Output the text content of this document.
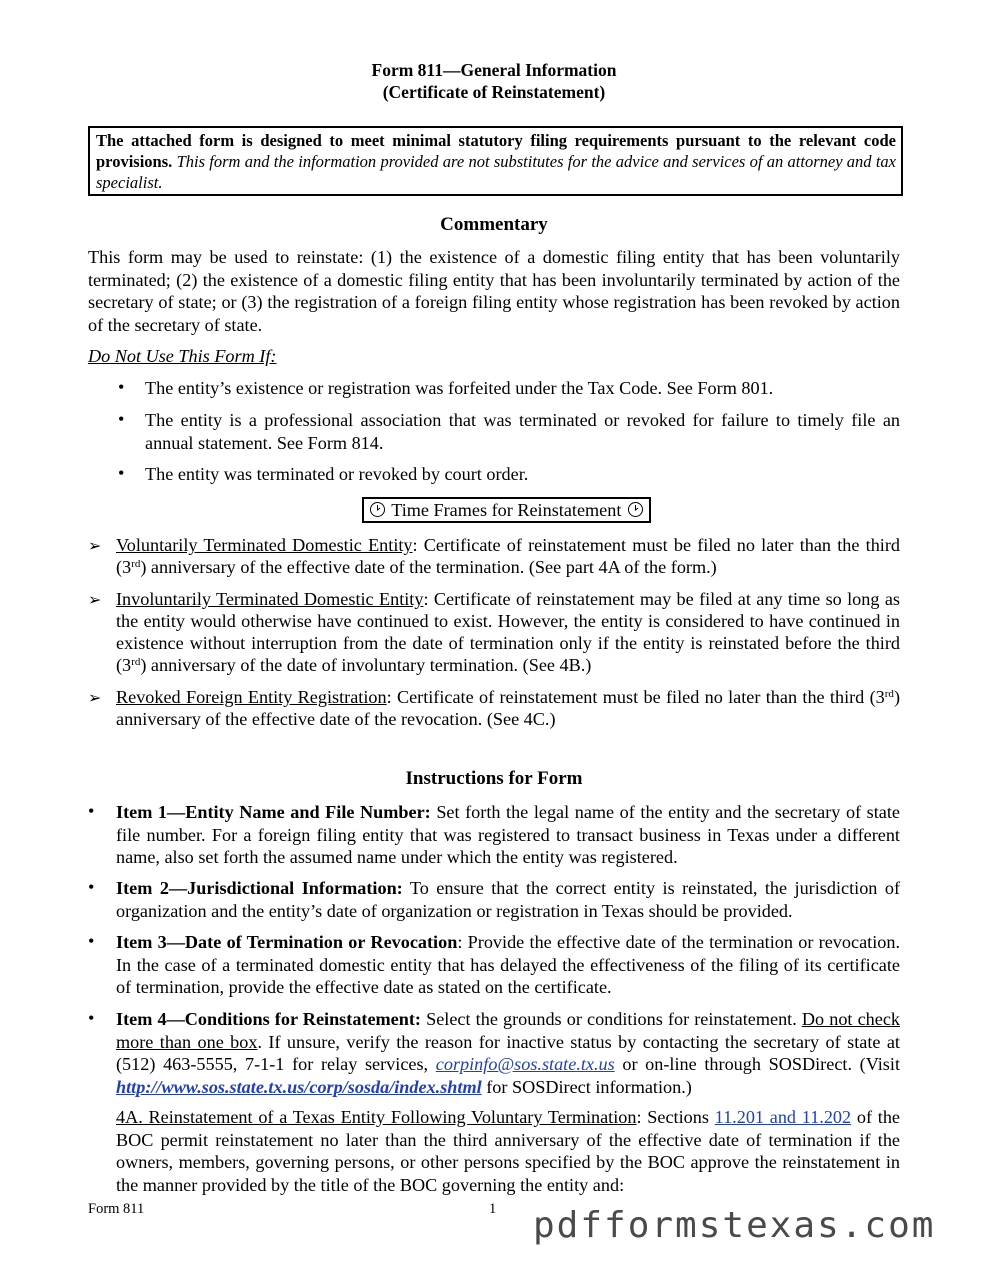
Form 811—General Information
(Certificate of Reinstatement)
The attached form is designed to meet minimal statutory filing requirements pursuant to the relevant code provisions. This form and the information provided are not substitutes for the advice and services of an attorney and tax specialist.
Commentary
This form may be used to reinstate: (1) the existence of a domestic filing entity that has been voluntarily terminated; (2) the existence of a domestic filing entity that has been involuntarily terminated by action of the secretary of state; or (3) the registration of a foreign filing entity whose registration has been revoked by action of the secretary of state.
Do Not Use This Form If:
• The entity’s existence or registration was forfeited under the Tax Code. See Form 801.
• The entity is a professional association that was terminated or revoked for failure to timely file an annual statement. See Form 814.
• The entity was terminated or revoked by court order.
Time Frames for Reinstatement
➢ Voluntarily Terminated Domestic Entity: Certificate of reinstatement must be filed no later than the third (3rd) anniversary of the effective date of the termination. (See part 4A of the form.)
➢ Involuntarily Terminated Domestic Entity: Certificate of reinstatement may be filed at any time so long as the entity would otherwise have continued to exist. However, the entity is considered to have continued in existence without interruption from the date of termination only if the entity is reinstated before the third (3rd) anniversary of the date of involuntary termination. (See 4B.)
➢ Revoked Foreign Entity Registration: Certificate of reinstatement must be filed no later than the third (3rd) anniversary of the effective date of the revocation. (See 4C.)
Instructions for Form
• Item 1—Entity Name and File Number: Set forth the legal name of the entity and the secretary of state file number. For a foreign filing entity that was registered to transact business in Texas under a different name, also set forth the assumed name under which the entity was registered.
• Item 2—Jurisdictional Information: To ensure that the correct entity is reinstated, the jurisdiction of organization and the entity’s date of organization or registration in Texas should be provided.
• Item 3—Date of Termination or Revocation: Provide the effective date of the termination or revocation. In the case of a terminated domestic entity that has delayed the effectiveness of the filing of its certificate of termination, provide the effective date as stated on the certificate.
• Item 4—Conditions for Reinstatement: Select the grounds or conditions for reinstatement. Do not check more than one box. If unsure, verify the reason for inactive status by contacting the secretary of state at (512) 463-5555, 7-1-1 for relay services, corpinfo@sos.state.tx.us or on-line through SOSDirect. (Visit http://www.sos.state.tx.us/corp/sosda/index.shtml for SOSDirect information.)
4A. Reinstatement of a Texas Entity Following Voluntary Termination: Sections 11.201 and 11.202 of the BOC permit reinstatement no later than the third anniversary of the effective date of termination if the owners, members, governing persons, or other persons specified by the BOC approve the reinstatement in the manner provided by the title of the BOC governing the entity and:
Form 811	1 pdfformstexas.com
